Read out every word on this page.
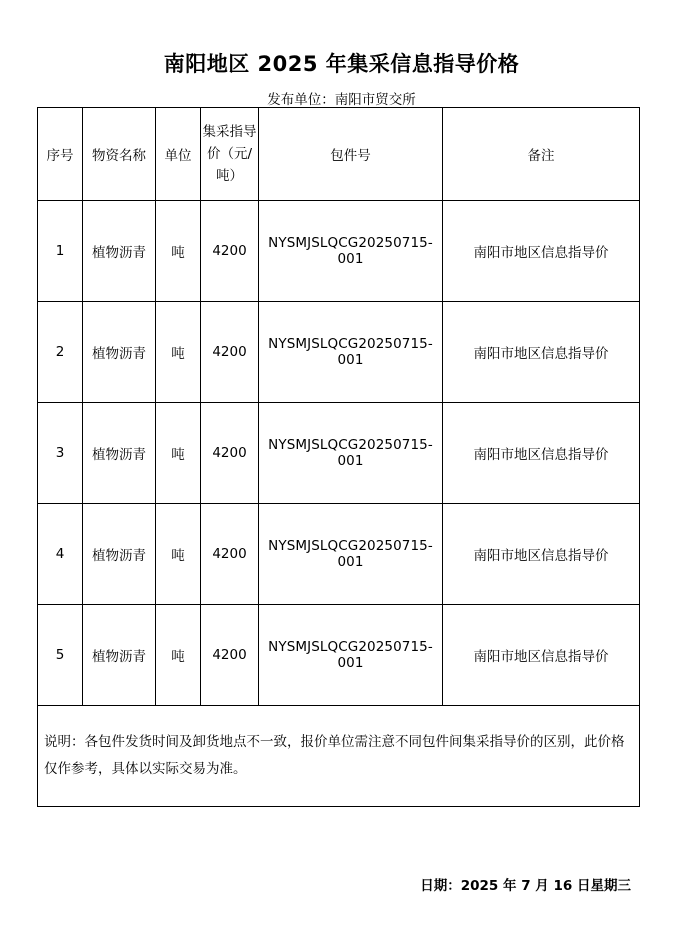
南阳地区 2025 年集采信息指导价格
发布单位：南阳市贸交所
序号	物资名称	单位	集采指导价（元/吨）	包件号	备注
1	植物沥青	吨	4200	NYSMJSLQCG20250715-001	南阳市地区信息指导价
2	植物沥青	吨	4200	NYSMJSLQCG20250715-001	南阳市地区信息指导价
3	植物沥青	吨	4200	NYSMJSLQCG20250715-001	南阳市地区信息指导价
4	植物沥青	吨	4200	NYSMJSLQCG20250715-001	南阳市地区信息指导价
5	植物沥青	吨	4200	NYSMJSLQCG20250715-001	南阳市地区信息指导价
说明：各包件发货时间及卸货地点不一致，报价单位需注意不同包件间集采指导价的区别，此价格仅作参考，具体以实际交易为准。					
日期：2025 年 7 月 16 日星期三
